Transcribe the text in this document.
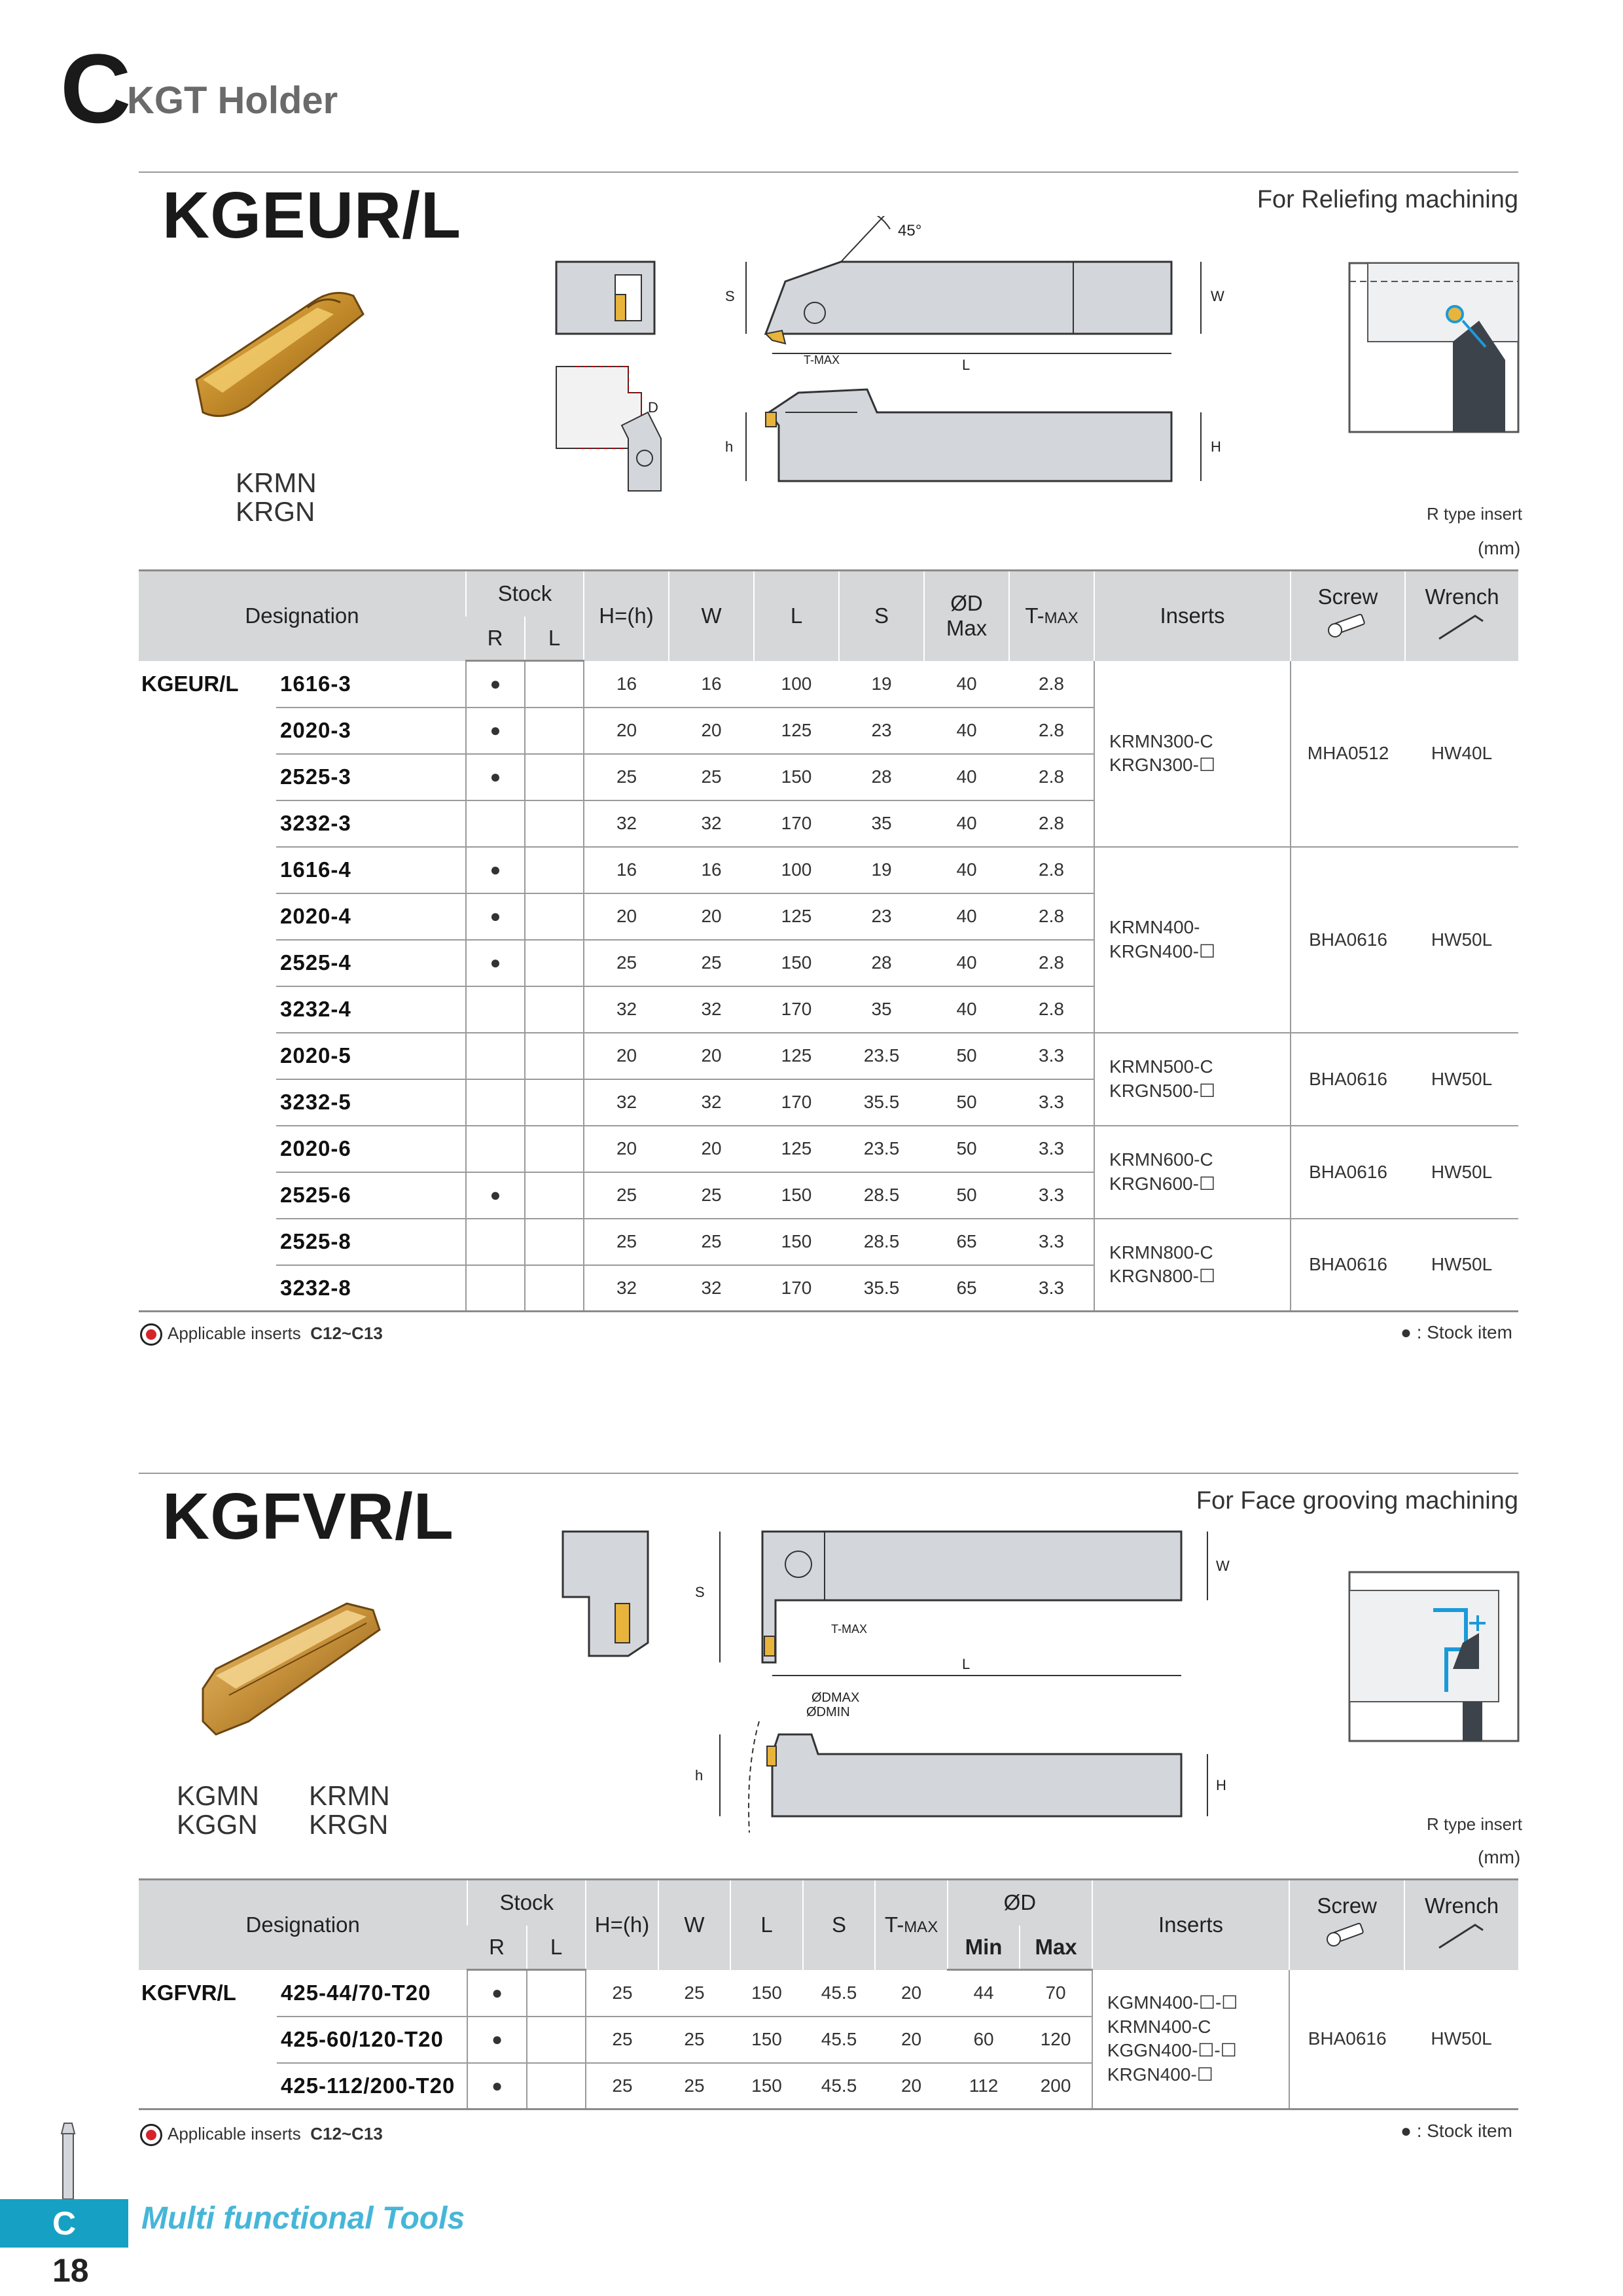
C
KGT Holder
KGEUR/L	For Reliefing machining
KRMN
KRGN
D
45°
S	W
L
T-MAX
h	H
R type insert
(mm)
Designation		Stock		H=(h)	W	L	S	ØD
Max	T-MAX	Inserts	Screw	Wrench

		R	L									
KGEUR/L	1616-3	●		16	16	100	19	40	2.8	KRMN300-C
KRGN300-☐	MHA0512	HW40L
	2020-3	●		20	20	125	23	40	2.8			
	2525-3	●		25	25	150	28	40	2.8			
	3232-3			32	32	170	35	40	2.8			
	1616-4	●		16	16	100	19	40	2.8	KRMN400-
KRGN400-☐	BHA0616	HW50L
	2020-4	●		20	20	125	23	40	2.8			
	2525-4	●		25	25	150	28	40	2.8			
	3232-4			32	32	170	35	40	2.8			
	2020-5			20	20	125	23.5	50	3.3	KRMN500-C
KRGN500-☐	BHA0616	HW50L
	3232-5			32	32	170	35.5	50	3.3			
	2020-6			20	20	125	23.5	50	3.3	KRMN600-C
KRGN600-☐	BHA0616	HW50L
	2525-6	●		25	25	150	28.5	50	3.3			
	2525-8			25	25	150	28.5	65	3.3	KRMN800-C
KRGN800-☐	BHA0616	HW50L
	3232-8			32	32	170	35.5	65	3.3			
Applicable inserts C12~C13	● : Stock item
KGFVR/L	For Face grooving machining
KGMN
KGGN
KRMN
KRGN
S
W
T-MAX
L
ØDMAX
ØDMIN
h
H
R type insert
(mm)
Designation		Stock		H=(h)	W	L	S	T-MAX	ØD		Inserts	Screw	Wrench

		R	L						Min	Max			
KGFVR/L	425-44/70-T20	●		25	25	150	45.5	20	44	70	KGMN400-☐-☐
KRMN400-C
KGGN400-☐-☐
KRGN400-☐	BHA0616	HW50L
	425-60/120-T20	●		25	25	150	45.5	20	60	120			
	425-112/200-T20	●		25	25	150	45.5	20	112	200			
Applicable inserts C12~C13	● : Stock item
C	Multi functional Tools
18
